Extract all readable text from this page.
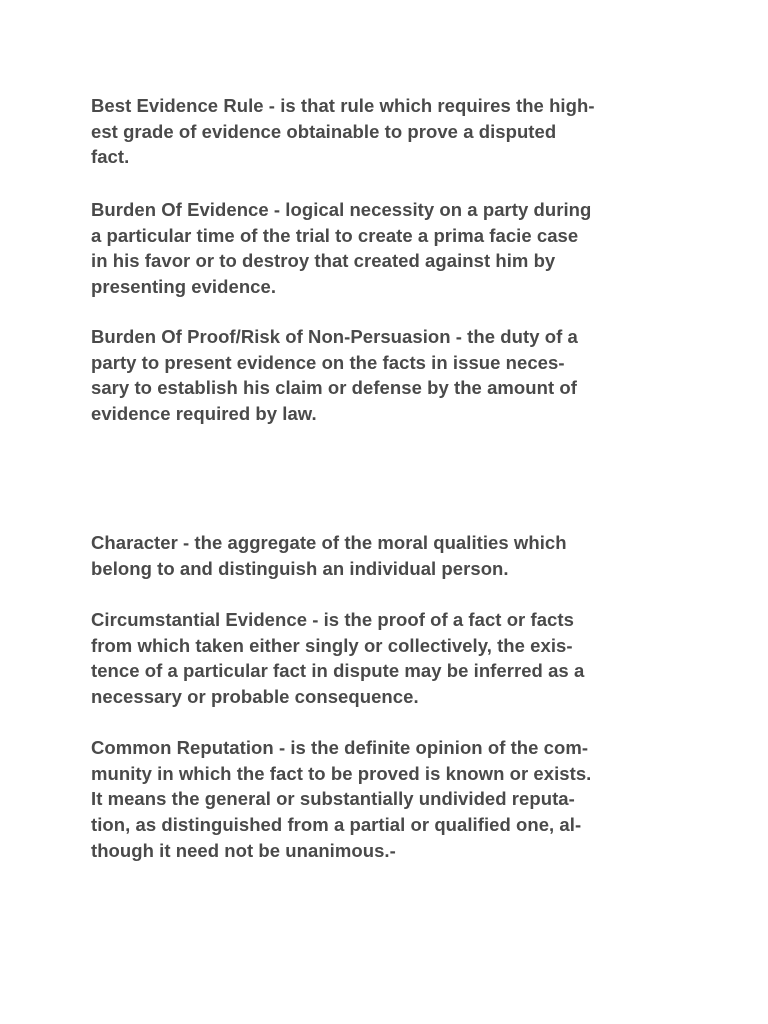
Best Evidence Rule - is that rule which requires the high-
est grade of evidence obtainable to prove a disputed
fact.

Burden Of Evidence - logical necessity on a party during
a particular time of the trial to create a prima facie case
in his favor or to destroy that created against him by
presenting evidence.

Burden Of Proof/Risk of Non-Persuasion - the duty of a
party to present evidence on the facts in issue neces-
sary to establish his claim or defense by the amount of
evidence required by law.

Character - the aggregate of the moral qualities which
belong to and distinguish an individual person.

Circumstantial Evidence - is the proof of a fact or facts
from which taken either singly or collectively, the exis-
tence of a particular fact in dispute may be inferred as a
necessary or probable consequence.

Common Reputation - is the definite opinion of the com-
munity in which the fact to be proved is known or exists.
It means the general or substantially undivided reputa-
tion, as distinguished from a partial or qualified one, al-
though it need not be unanimous.-
